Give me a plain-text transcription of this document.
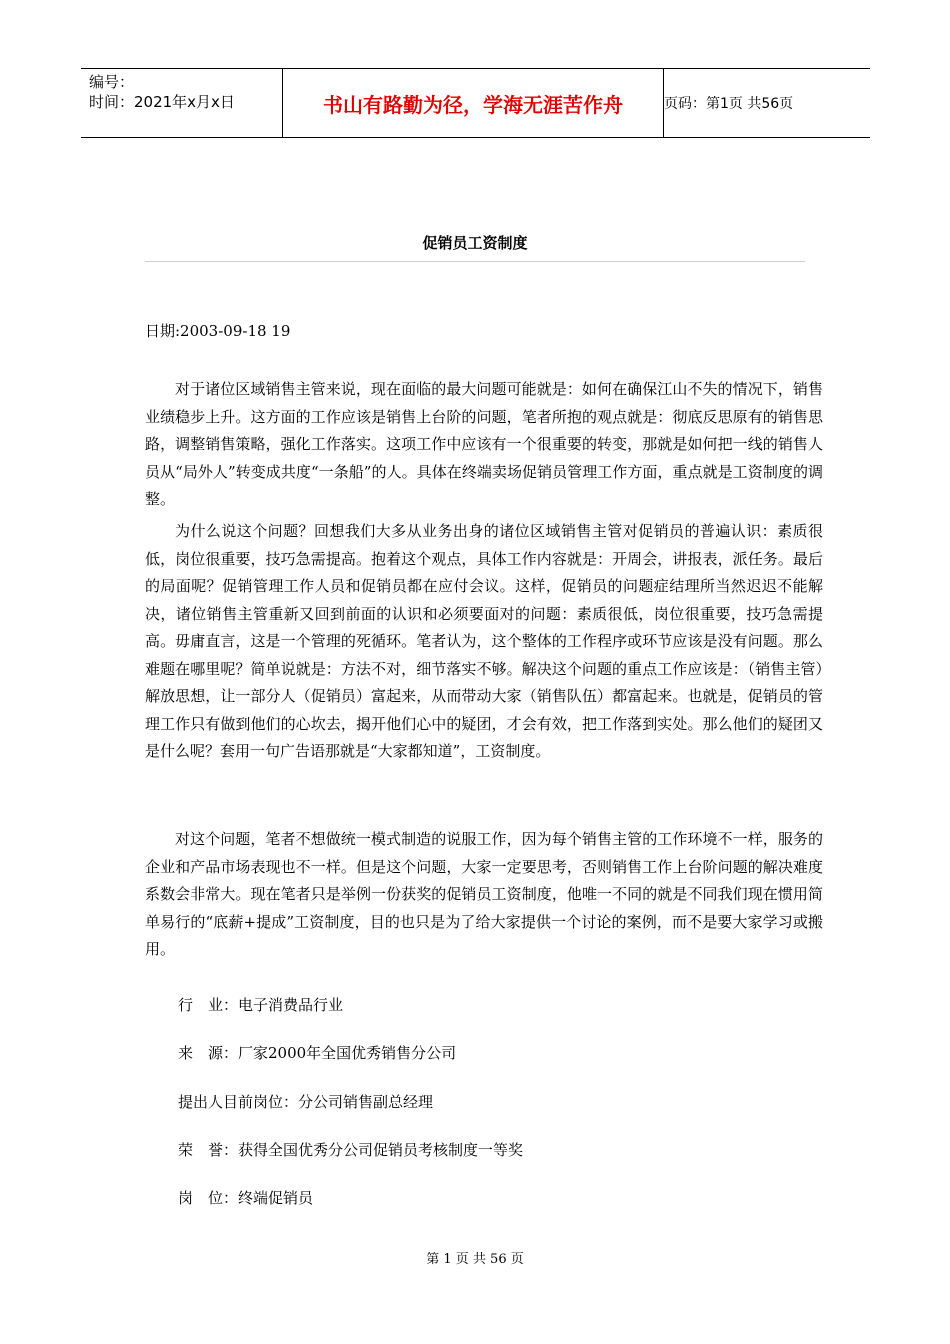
编号：
时间：2021年x月x日	书山有路勤为径，学海无涯苦作舟	页码：第1页 共56页
促销员工资制度
日期:2003-09-18 19

对于诸位区域销售主管来说，现在面临的最大问题可能就是：如何在确保江山不失的情况下，销售业绩稳步上升。这方面的工作应该是销售上台阶的问题，笔者所抱的观点就是：彻底反思原有的销售思路，调整销售策略，强化工作落实。这项工作中应该有一个很重要的转变，那就是如何把一线的销售人员从“局外人”转变成共度“一条船”的人。具体在终端卖场促销员管理工作方面，重点就是工资制度的调整。

为什么说这个问题？回想我们大多从业务出身的诸位区域销售主管对促销员的普遍认识：素质很低，岗位很重要，技巧急需提高。抱着这个观点，具体工作内容就是：开周会，讲报表，派任务。最后的局面呢？促销管理工作人员和促销员都在应付会议。这样，促销员的问题症结理所当然迟迟不能解决，诸位销售主管重新又回到前面的认识和必须要面对的问题：素质很低，岗位很重要，技巧急需提高。毋庸直言，这是一个管理的死循环。笔者认为，这个整体的工作程序或环节应该是没有问题。那么难题在哪里呢？简单说就是：方法不对，细节落实不够。解决这个问题的重点工作应该是：（销售主管）解放思想，让一部分人（促销员）富起来，从而带动大家（销售队伍）都富起来。也就是，促销员的管理工作只有做到他们的心坎去，揭开他们心中的疑团，才会有效，把工作落到实处。那么他们的疑团又是什么呢？套用一句广告语那就是“大家都知道”，工资制度。

对这个问题，笔者不想做统一模式制造的说服工作，因为每个销售主管的工作环境不一样，服务的企业和产品市场表现也不一样。但是这个问题，大家一定要思考，否则销售工作上台阶问题的解决难度系数会非常大。现在笔者只是举例一份获奖的促销员工资制度，他唯一不同的就是不同我们现在惯用简单易行的“底薪+提成”工资制度，目的也只是为了给大家提供一个讨论的案例，而不是要大家学习或搬用。

行　业：电子消费品行业
来　源：厂家2000年全国优秀销售分公司
提出人目前岗位：分公司销售副总经理
荣　誉：获得全国优秀分公司促销员考核制度一等奖
岗　位：终端促销员
第 1 页 共 56 页
